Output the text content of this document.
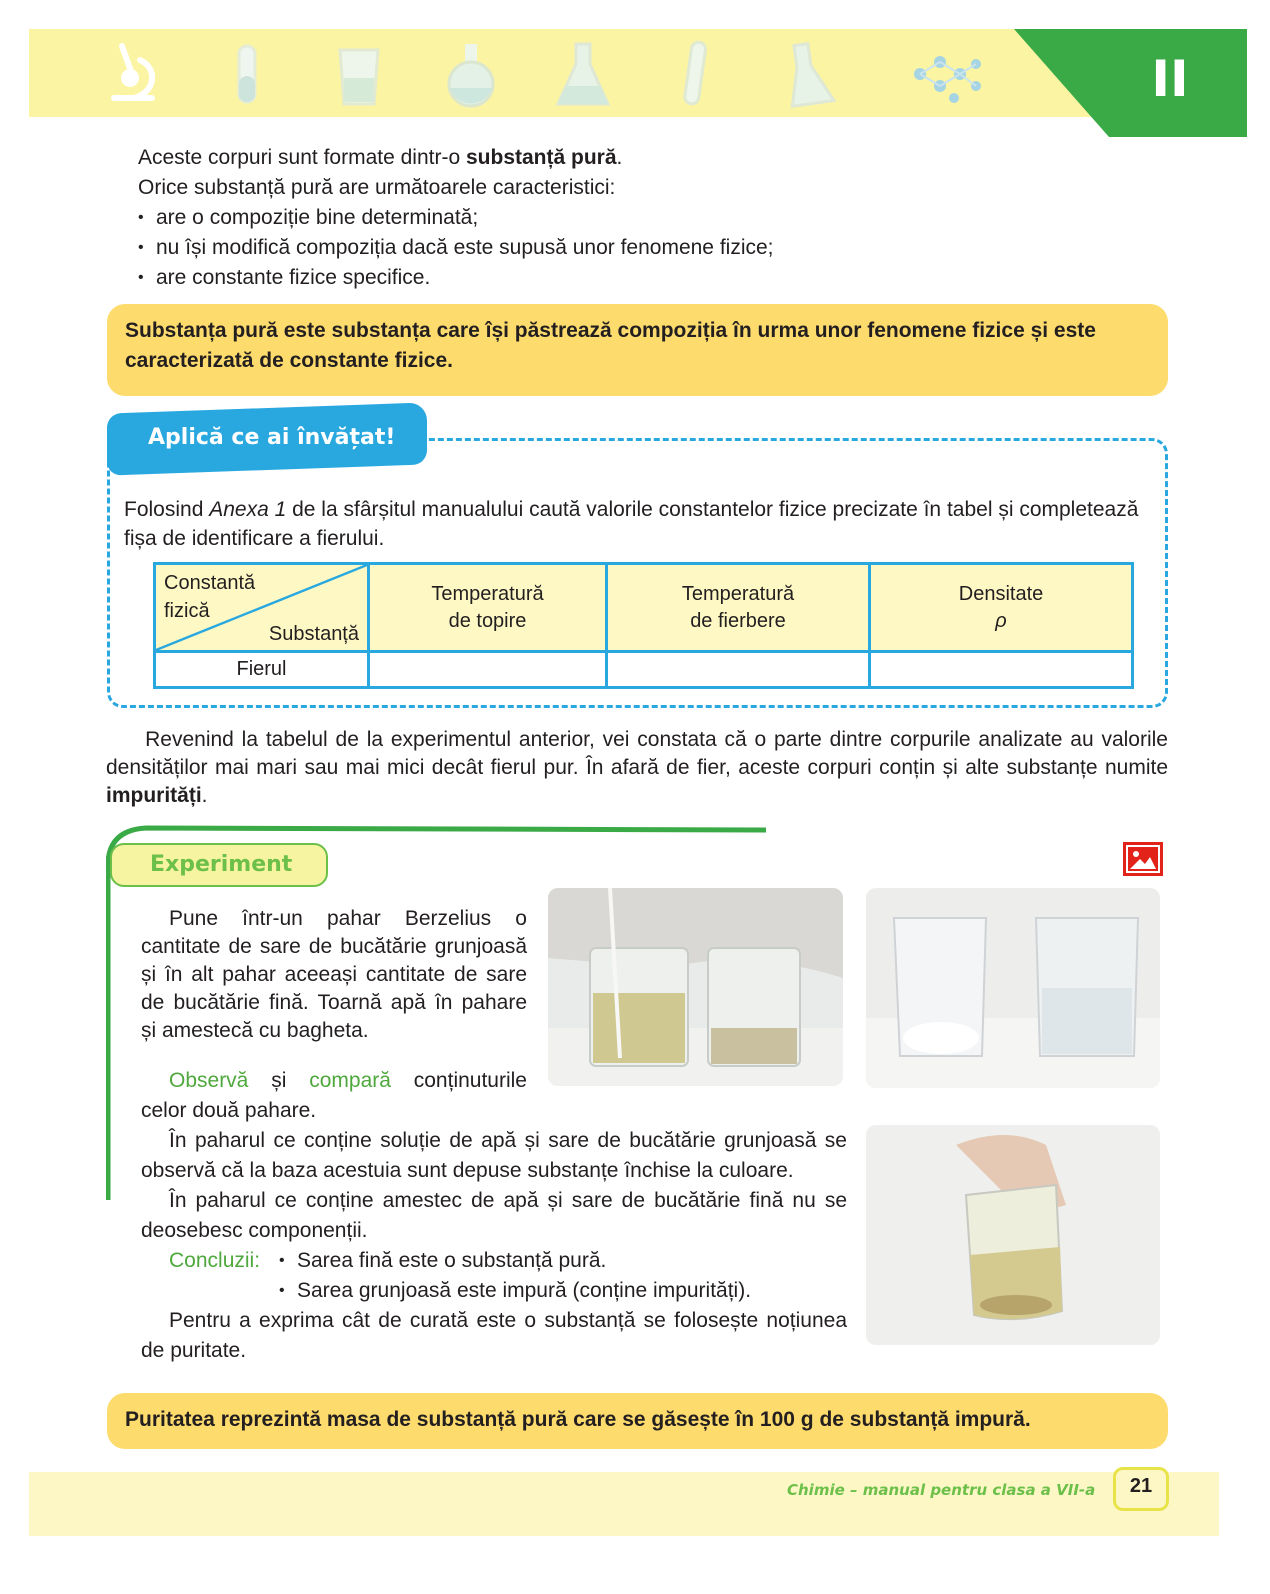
II
Aceste corpuri sunt formate dintr-o substanță pură.
Orice substanță pură are următoarele caracteristici:
• are o compoziție bine determinată;
• nu își modifică compoziția dacă este supusă unor fenomene fizice;
• are constante fizice specifice.
Substanța pură este substanța care își păstrează compoziția în urma unor fenomene fizice și este caracterizată de constante fizice.
Aplică ce ai învățat!
Folosind Anexa 1 de la sfârșitul manualului caută valorile constantelor fizice precizate în tabel și completează fișa de identificare a fierului.
Constantă
fizică
Substanță
	Temperatură
de topire	Temperatură
de fierbere	Densitate
ρ
Fierul			
Revenind la tabelul de la experimentul anterior, vei constata că o parte dintre corpurile analizate au valorile densităților mai mari sau mai mici decât fierul pur. În afară de fier, aceste corpuri conțin și alte substanțe numite impurități.
Experiment

Pune într-un pahar Berzelius o cantitate de sare de bucătărie grunjoasă și în alt pahar aceeași cantitate de sare de bucătărie fină. Toarnă apă în pahare și amestecă cu bagheta.

Observă și compară conținuturile celor două pahare.

În paharul ce conține soluție de apă și sare de bucătărie grunjoasă se observă că la baza acestuia sunt depuse substanțe închise la culoare.

În paharul ce conține amestec de apă și sare de bucătărie fină nu se deosebesc componenții.

Concluzii:
•	Sarea fină este o substanță pură.
• Sarea grunjoasă este impură (conține impurități).

Pentru a exprima cât de curată este o substanță se folosește noțiunea de puritate.

Puritatea reprezintă masa de substanță pură care se găsește în 100 g de substanță impură.
Chimie – manual pentru clasa a VII-a	21
